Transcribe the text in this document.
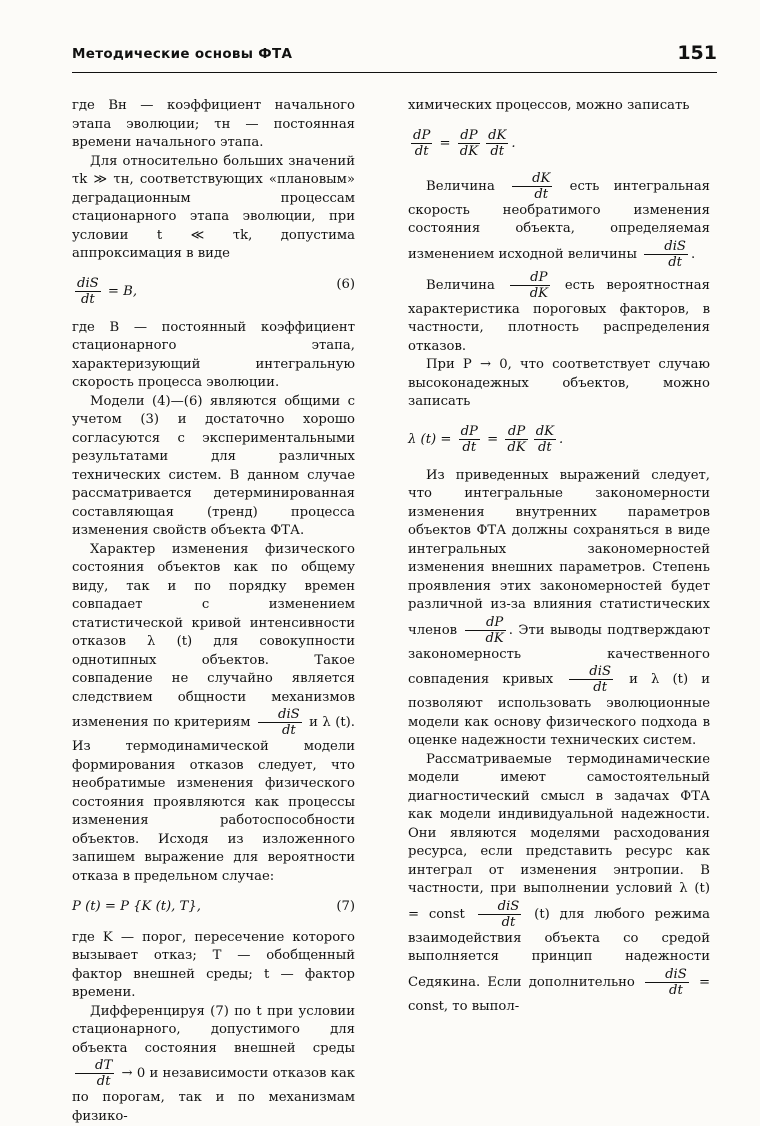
Методические основы ФТА	151

где Bн — коэффициент начального этапа эволюции; τн — постоянная времени начального этапа.

Для относительно больших значений τk ≫ τн, соответствующих «плановым» деградационным процессам стационарного этапа эволюции, при условии t ≪ τk, допустима аппроксимация в виде

$\frac{\text{diS}}{dt} = B$,	(6)

где B — постоянный коэффициент стационарного этапа, характеризующий интегральную скорость процесса эволюции.

Модели (4)—(6) являются общими с учетом (3) и достаточно хорошо согласуются с экспериментальными результатами для различных технических систем. В данном случае рассматривается детерминированная составляющая (тренд) процесса изменения свойств объекта ФТА.

Характер изменения физического состояния объектов как по общему виду, так и по порядку времен совпадает с изменением статистической кривой интенсивности отказов λ (t) для совокупности однотипных объектов. Такое совпадение не случайно является следствием общности механизмов изменения по критериям $\frac{\text{diS}}{dt}$ и λ (t). Из термодинамической модели формирования отказов следует, что необратимые изменения физического состояния проявляются как процессы изменения работоспособности объектов. Исходя из изложенного запишем выражение для вероятности отказа в предельном случае:

P (t) = P {K (t), T},	(7)

где K — порог, пересечение которого вызывает отказ; T — обобщенный фактор внешней среды; t — фактор времени.

Дифференцируя (7) по t при условии стационарного, допустимого для объекта состояния внешней среды
$\frac{dT}{dt} \to 0$ и независимости отказов как по порогам, так и по механизмам физико-

химических процессов, можно записать

$\frac{dP}{dt} = \frac{dP}{dK} \frac{dK}{dt}$ .

Величина $\frac{dK}{dt}$ есть интегральная скорость необратимого изменения состояния объекта, определяемая изменением исходной величины $\frac{\text{diS}}{dt}$ .

Величина $\frac{dP}{dK}$ есть вероятностная характеристика пороговых факторов, в частности, плотность распределения отказов.

При P → 0, что соответствует случаю высоконадежных объектов, можно записать

λ $(t) = \frac{dP}{dt} = \frac{dP}{dK} \frac{dK}{dt}$ .

Из приведенных выражений следует, что интегральные закономерности изменения внутренних параметров объектов ФТА должны сохраняться в виде интегральных закономерностей изменения внешних параметров. Степень проявления этих закономерностей будет различной из-за влияния статистических членов $\frac{dP}{dK}$ . Эти выводы подтверждают закономерность качественного совпадения кривых $\frac{\text{diS}}{dt}$ и λ (t) и позволяют использовать эволюционные модели как основу физического подхода в оценке надежности технических систем.

Рассматриваемые термодинамические модели имеют самостоятельный диагностический смысл в задачах ФТА как модели индивидуальной надежности. Они являются моделями расходования ресурса, если представить ресурс как интеграл от изменения энтропии. В частности, при выполнении условий λ (t) = const $\frac{\text{diS}}{dt} (t)$ для любого режима взаимодействия объекта со средой выполняется принцип надежности Седякина. Если дополнительно $\frac{\text{diS}}{dt}$ = const, то выпол-
